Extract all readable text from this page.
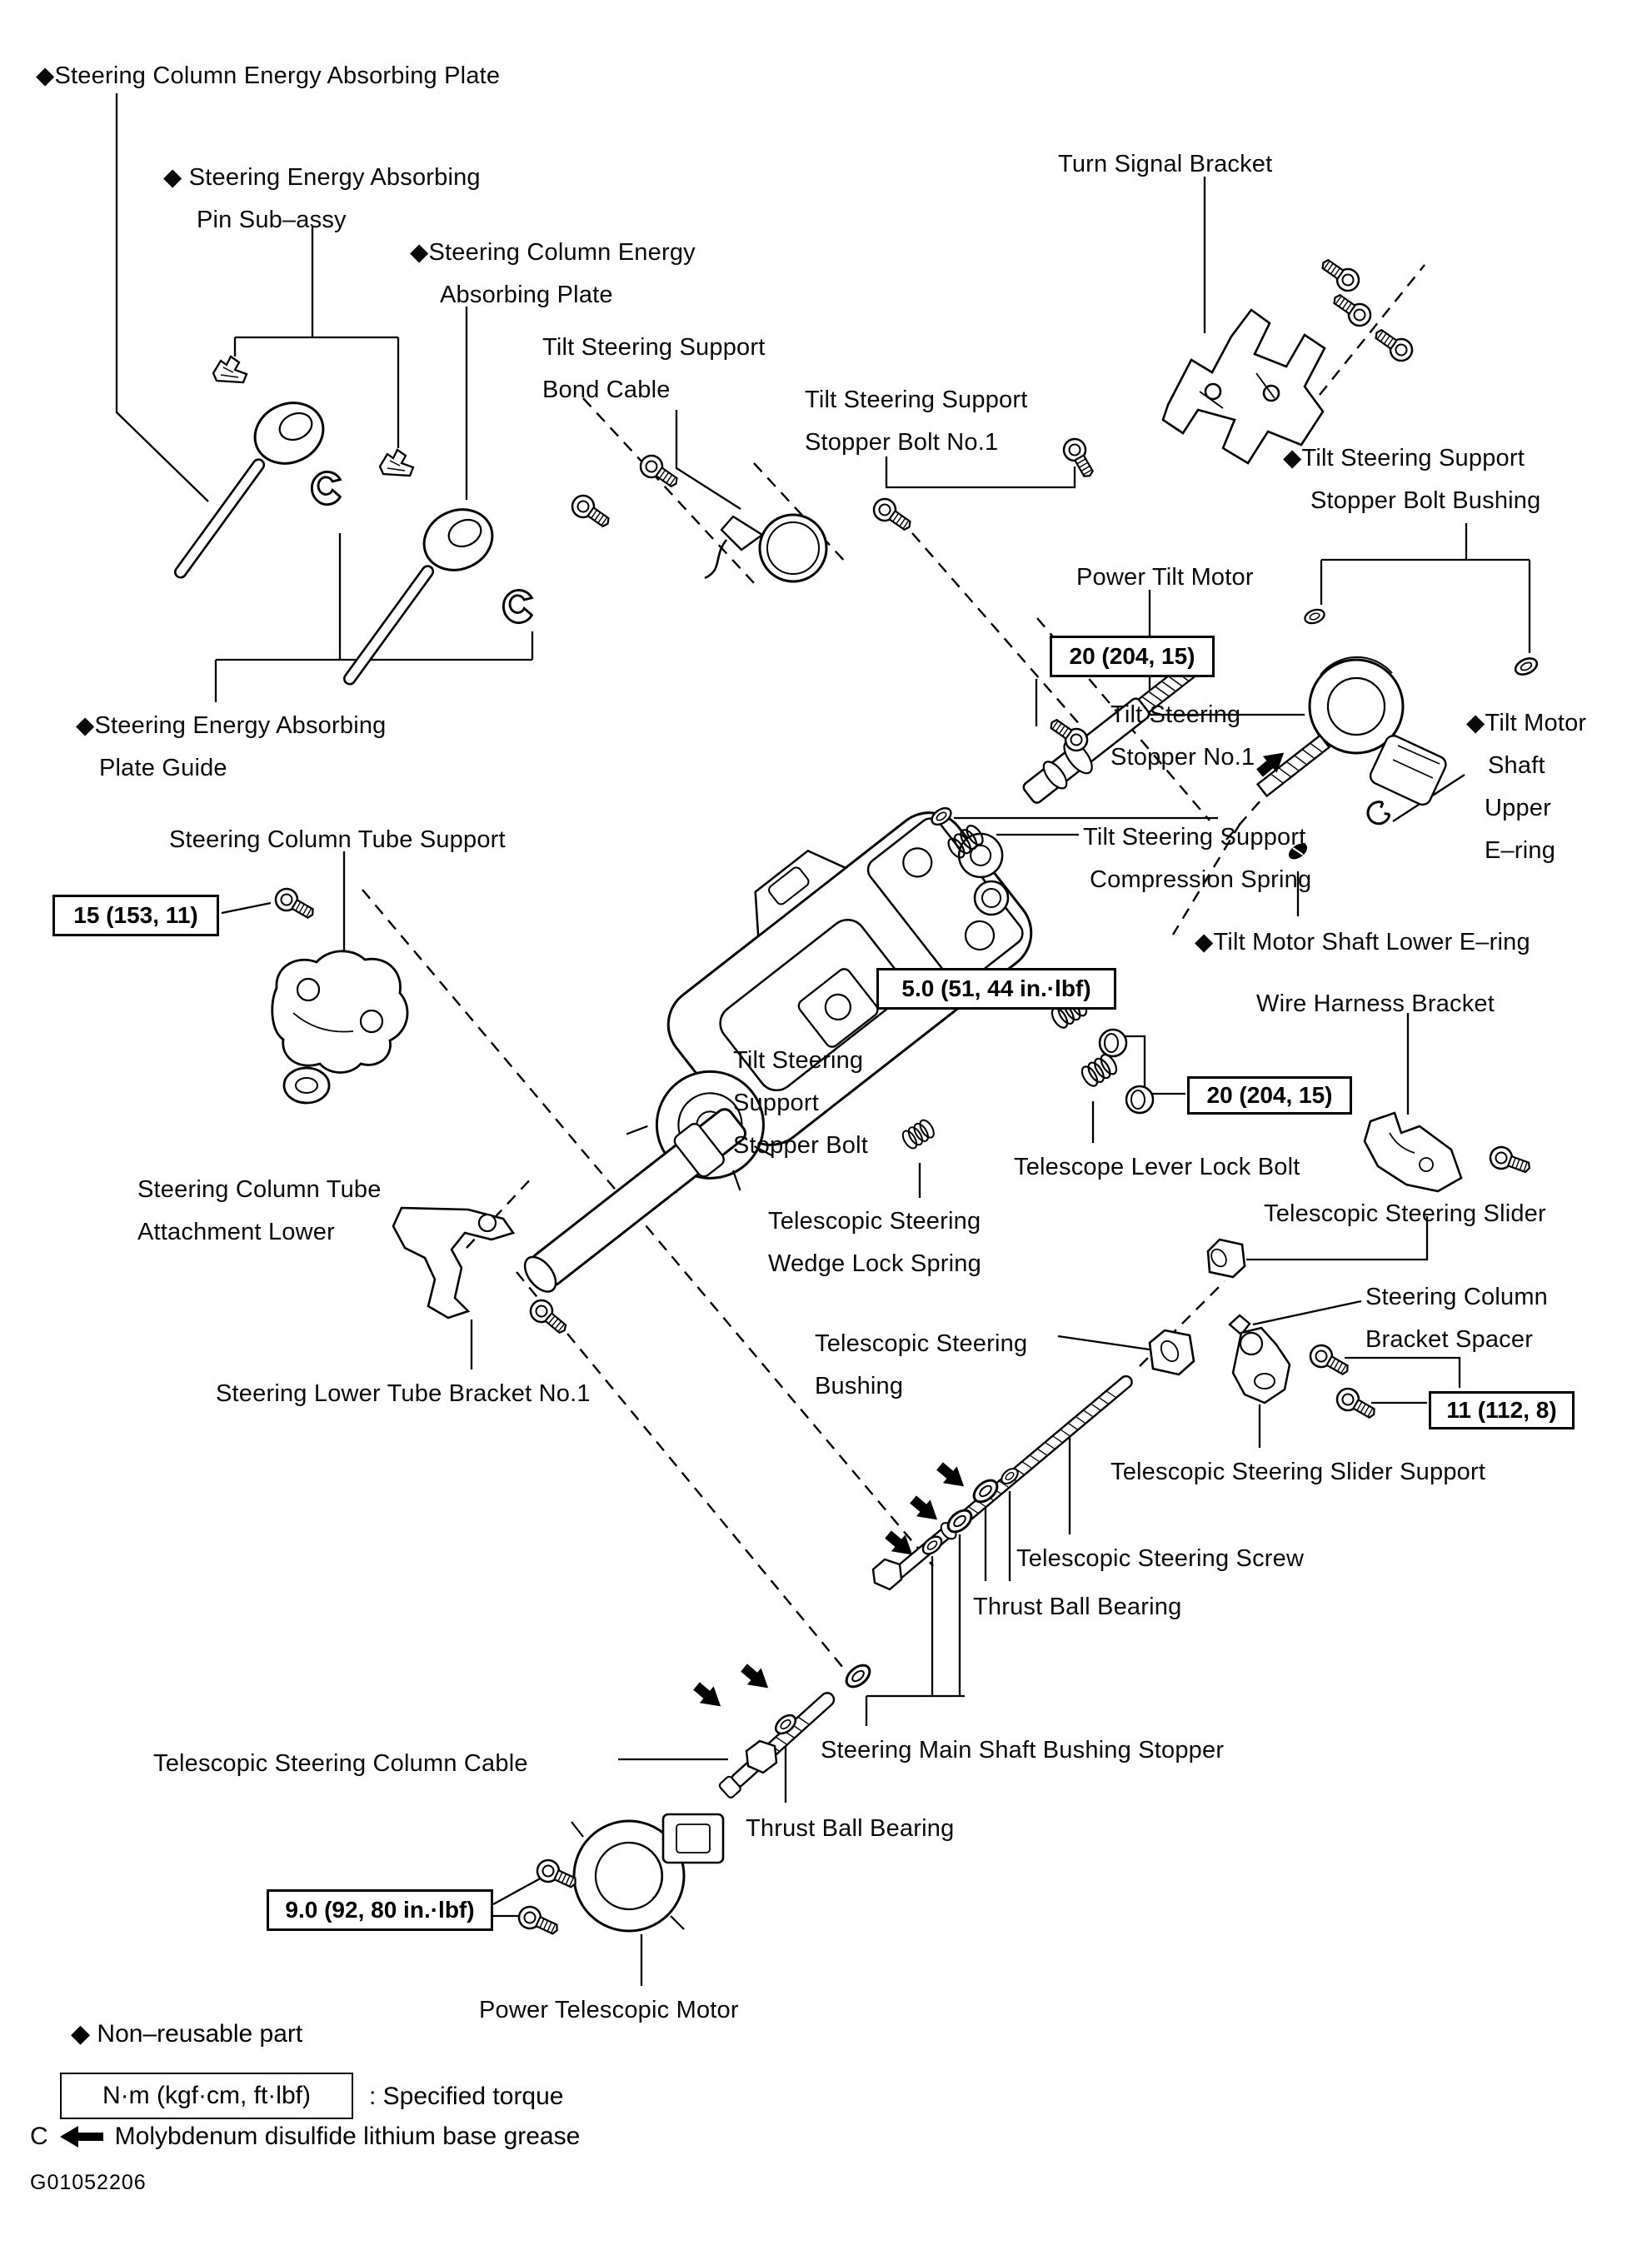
◆Steering Column Energy Absorbing Plate
◆ Steering Energy Absorbing
Pin Sub–assy
◆Steering Column Energy
Absorbing Plate
Tilt Steering Support
Bond Cable	Tilt Steering Support
Stopper Bolt No.1
Turn Signal Bracket
◆Tilt Steering Support
Stopper Bolt Bushing
Power Tilt Motor
Tilt Steering
Stopper No.1
◆Tilt Motor
Shaft
Upper
E–ring
◆Steering Energy Absorbing
Plate Guide
Steering Column Tube Support	Tilt Steering Support
Compression Spring
◆Tilt Motor Shaft Lower E–ring
Wire Harness Bracket
Tilt Steering
Support
Stopper Bolt
Steering Column Tube
Attachment Lower
Telescope Lever Lock Bolt
Telescopic Steering
Wedge Lock Spring
Telescopic Steering Slider
Steering Column
Bracket Spacer
Telescopic Steering
Bushing
Steering Lower Tube Bracket No.1
Telescopic Steering Slider Support
Telescopic Steering Screw
Thrust Ball Bearing
Telescopic Steering Column Cable	Steering Main Shaft Bushing Stopper
Thrust Ball Bearing
Power Telescopic Motor
15 (153, 11)
20 (204, 15)
5.0 (51, 44 in.·lbf)
20 (204, 15)
11 (112, 8)
9.0 (92, 80 in.·lbf)
◆ Non–reusable part
N·m (kgf·cm, ft·lbf) : Specified torque
C	Molybdenum disulfide lithium base grease
G01052206
